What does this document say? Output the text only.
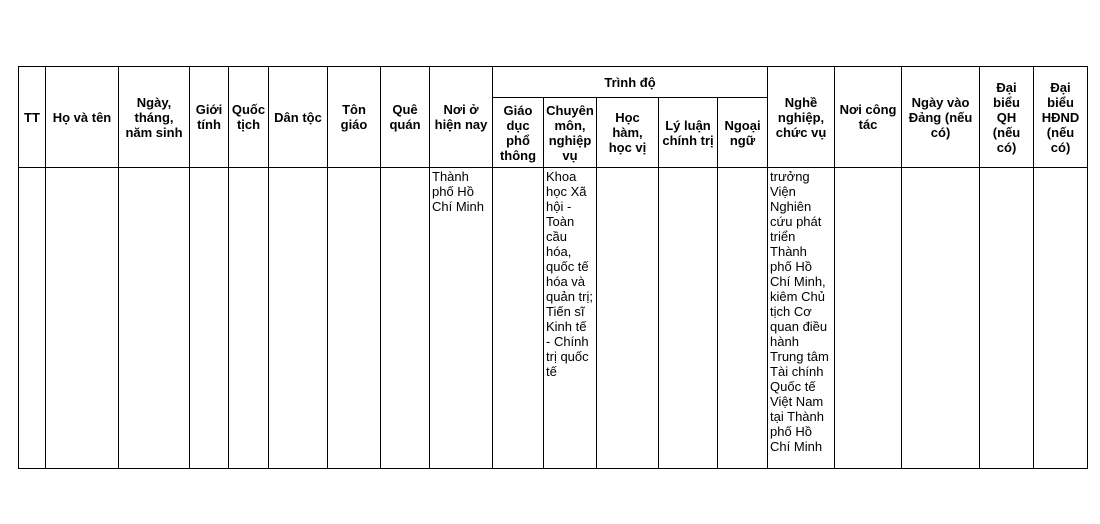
TT	Họ và tên	Ngày, tháng, năm sinh	Giới tính	Quốc tịch	Dân tộc	Tôn giáo	Quê quán	Nơi ở hiện nay	Trình độ					Nghề nghiệp, chức vụ	Nơi công tác	Ngày vào Đảng (nếu có)	Đại biểu QH (nếu có)	Đại biểu HĐND (nếu có)
									Giáo dục phổ thông	Chuyên môn, nghiệp vụ	Học hàm, học vị	Lý luận chính trị	Ngoại ngữ					
								Thành phố Hồ Chí Minh		Khoa học Xã hội - Toàn cầu hóa, quốc tế hóa và quản trị; Tiến sĩ Kinh tế - Chính trị quốc tế				trưởng Viện Nghiên cứu phát triển Thành phố Hồ Chí Minh, kiêm Chủ tịch Cơ quan điều hành Trung tâm Tài chính Quốc tế Việt Nam tại Thành phố Hồ Chí Minh				
